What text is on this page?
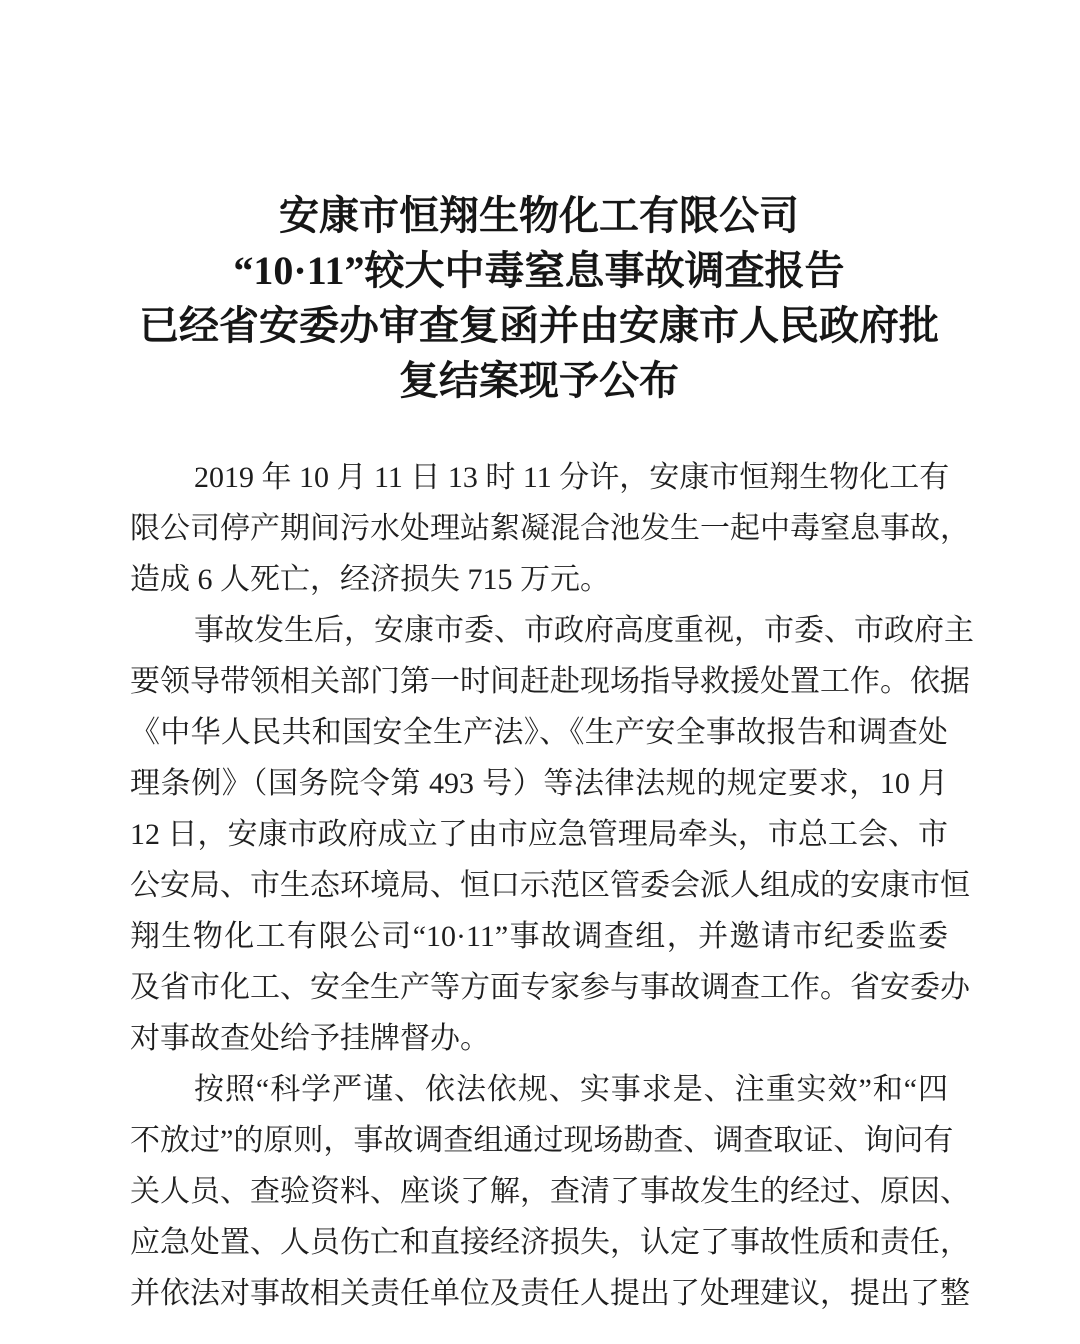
安康市恒翔生物化工有限公司
“10·11”较大中毒窒息事故调查报告
已经省安委办审查复函并由安康市人民政府批
复结案现予公布
2019 年 10 月 11 日 13 时 11 分许，安康市恒翔生物化工有
限公司停产期间污水处理站絮凝混合池发生一起中毒窒息事故，
造成 6 人死亡，经济损失 715 万元。
事故发生后，安康市委、市政府高度重视，市委、市政府主
要领导带领相关部门第一时间赶赴现场指导救援处置工作。依据
《中华人民共和国安全生产法》、《生产安全事故报告和调查处
理条例》（国务院令第 493 号）等法律法规的规定要求，10 月
12 日，安康市政府成立了由市应急管理局牵头，市总工会、市
公安局、市生态环境局、恒口示范区管委会派人组成的安康市恒
翔生物化工有限公司“10·11”事故调查组，并邀请市纪委监委
及省市化工、安全生产等方面专家参与事故调查工作。省安委办
对事故查处给予挂牌督办。
按照“科学严谨、依法依规、实事求是、注重实效”和“四
不放过”的原则，事故调查组通过现场勘查、调查取证、询问有
关人员、查验资料、座谈了解，查清了事故发生的经过、原因、
应急处置、人员伤亡和直接经济损失，认定了事故性质和责任，
并依法对事故相关责任单位及责任人提出了处理建议，提出了整
